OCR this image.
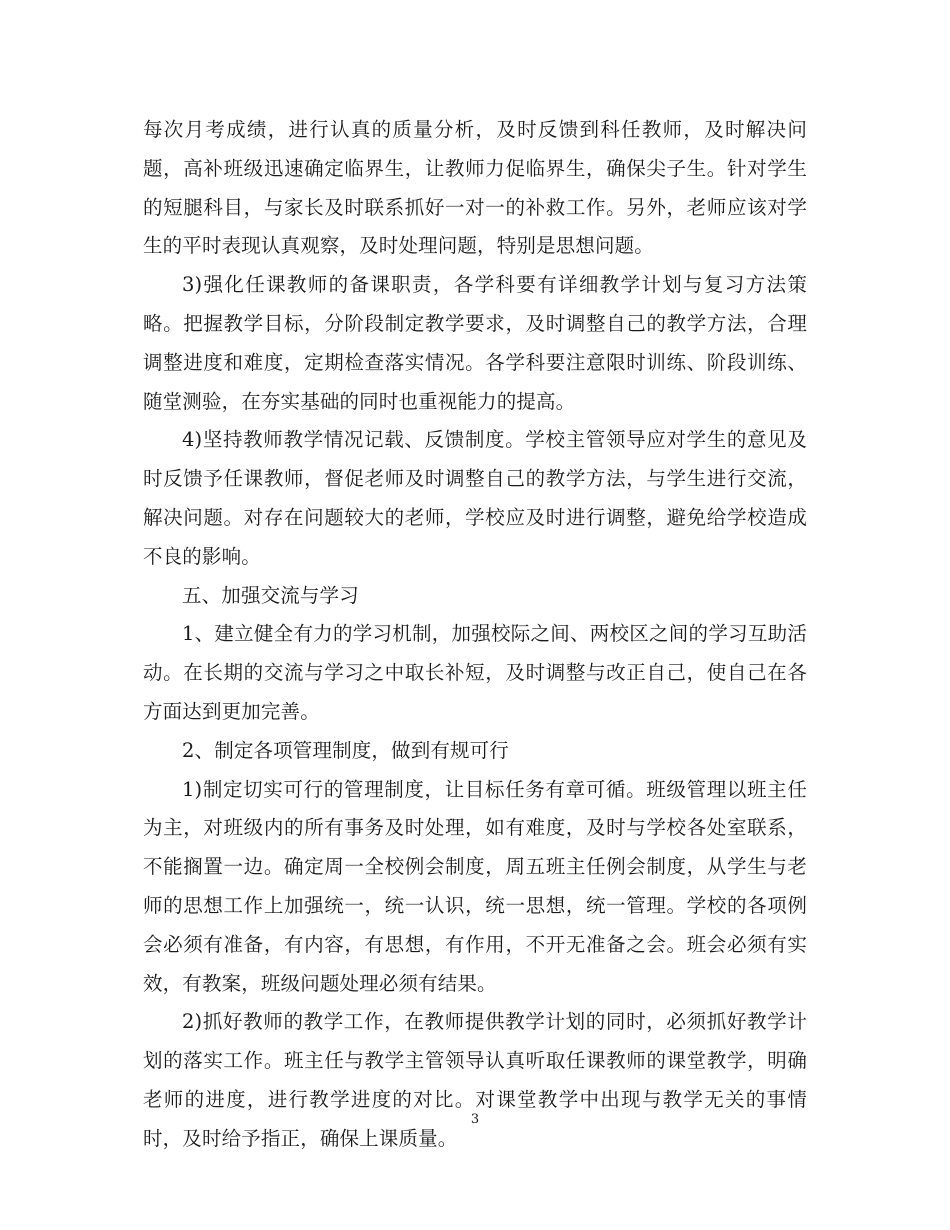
每次月考成绩，进行认真的质量分析，及时反馈到科任教师，及时解决问题，高补班级迅速确定临界生，让教师力促临界生，确保尖子生。针对学生的短腿科目，与家长及时联系抓好一对一的补救工作。另外，老师应该对学生的平时表现认真观察，及时处理问题，特别是思想问题。

3)强化任课教师的备课职责，各学科要有详细教学计划与复习方法策略。把握教学目标，分阶段制定教学要求，及时调整自己的教学方法，合理调整进度和难度，定期检查落实情况。各学科要注意限时训练、阶段训练、随堂测验，在夯实基础的同时也重视能力的提高。

4)坚持教师教学情况记载、反馈制度。学校主管领导应对学生的意见及时反馈予任课教师，督促老师及时调整自己的教学方法，与学生进行交流，解决问题。对存在问题较大的老师，学校应及时进行调整，避免给学校造成不良的影响。

五、加强交流与学习

1、建立健全有力的学习机制，加强校际之间、两校区之间的学习互助活动。在长期的交流与学习之中取长补短，及时调整与改正自己，使自己在各方面达到更加完善。

2、制定各项管理制度，做到有规可行

1)制定切实可行的管理制度，让目标任务有章可循。班级管理以班主任为主，对班级内的所有事务及时处理，如有难度，及时与学校各处室联系，不能搁置一边。确定周一全校例会制度，周五班主任例会制度，从学生与老师的思想工作上加强统一，统一认识，统一思想，统一管理。学校的各项例会必须有准备，有内容，有思想，有作用，不开无准备之会。班会必须有实效，有教案，班级问题处理必须有结果。

2)抓好教师的教学工作，在教师提供教学计划的同时，必须抓好教学计划的落实工作。班主任与教学主管领导认真听取任课教师的课堂教学，明确老师的进度，进行教学进度的对比。对课堂教学中出现与教学无关的事情时，及时给予指正，确保上课质量。

3
